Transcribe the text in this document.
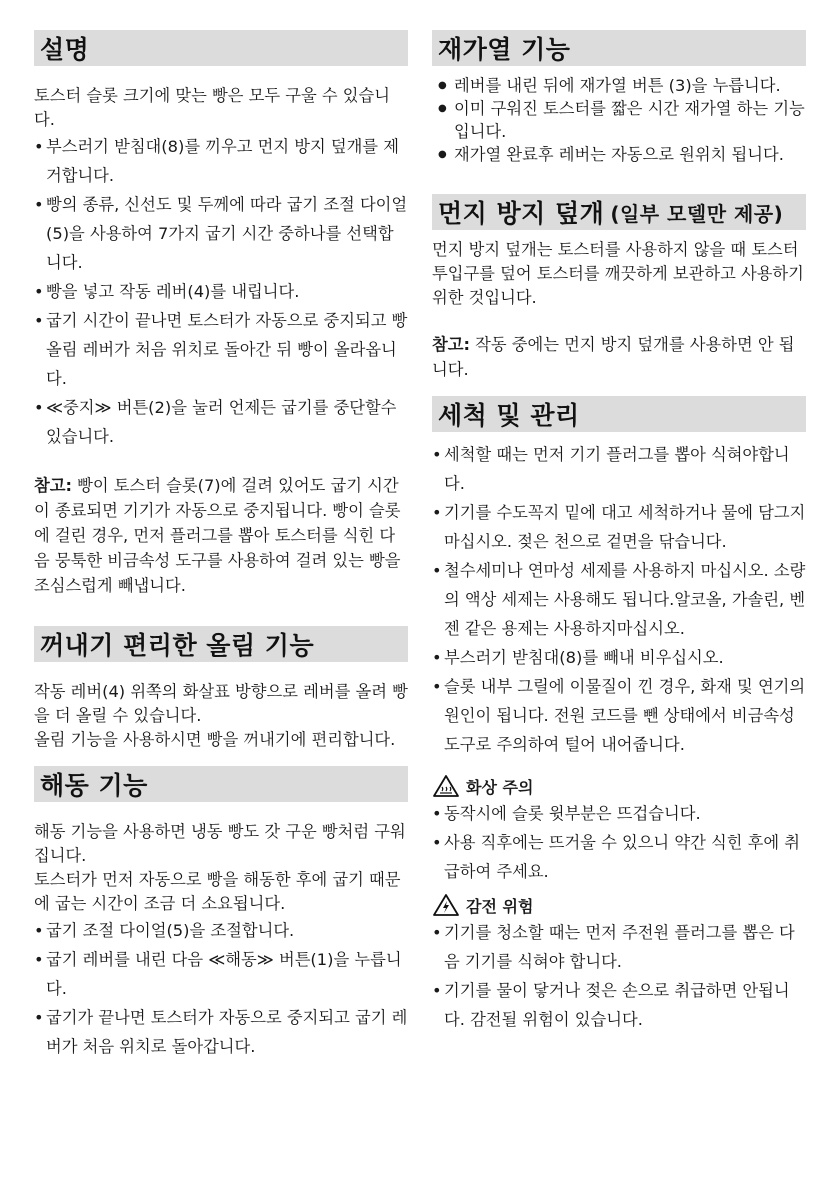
설명

토스터 슬롯 크기에 맞는 빵은 모두 구울 수 있습니다.

• 부스러기 받침대(8)를 끼우고 먼지 방지 덮개를 제거합니다.
• 빵의 종류, 신선도 및 두께에 따라 굽기 조절 다이얼(5)을 사용하여 7가지 굽기 시간 중하나를 선택합니다.
• 빵을 넣고 작동 레버(4)를 내립니다.
• 굽기 시간이 끝나면 토스터가 자동으로 중지되고 빵 올림 레버가 처음 위치로 돌아간 뒤 빵이 올라옵니다.
• ≪중지≫ 버튼(2)을 눌러 언제든 굽기를 중단할수 있습니다.

참고: 빵이 토스터 슬롯(7)에 걸려 있어도 굽기 시간이 종료되면 기기가 자동으로 중지됩니다. 빵이 슬롯에 걸린 경우, 먼저 플러그를 뽑아 토스터를 식힌 다음 뭉툭한 비금속성 도구를 사용하여 걸려 있는 빵을 조심스럽게 빼냅니다.

꺼내기 편리한 올림 기능

작동 레버(4) 위쪽의 화살표 방향으로 레버를 올려 빵을 더 올릴 수 있습니다.

올림 기능을 사용하시면 빵을 꺼내기에 편리합니다.

해동 기능

해동 기능을 사용하면 냉동 빵도 갓 구운 빵처럼 구워집니다.

토스터가 먼저 자동으로 빵을 해동한 후에 굽기 때문에 굽는 시간이 조금 더 소요됩니다.

• 굽기 조절 다이얼(5)을 조절합니다.
• 굽기 레버를 내린 다음 ≪해동≫ 버튼(1)을 누릅니다.
• 굽기가 끝나면 토스터가 자동으로 중지되고 굽기 레버가 처음 위치로 돌아갑니다.
재가열 기능
● 레버를 내린 뒤에 재가열 버튼 (3)을 누릅니다.
● 이미 구워진 토스터를 짧은 시간 재가열 하는 기능 입니다.
● 재가열 완료후 레버는 자동으로 원위치 됩니다.
먼지 방지 덮개 (일부 모델만 제공)

먼지 방지 덮개는 토스터를 사용하지 않을 때 토스터 투입구를 덮어 토스터를 깨끗하게 보관하고 사용하기 위한 것입니다.

참고: 작동 중에는 먼지 방지 덮개를 사용하면 안 됩니다.

세척 및 관리
• 세척할 때는 먼저 기기 플러그를 뽑아 식혀야합니다.
• 기기를 수도꼭지 밑에 대고 세척하거나 물에 담그지 마십시오. 젖은 천으로 겉면을 닦습니다.
• 철수세미나 연마성 세제를 사용하지 마십시오. 소량의 액상 세제는 사용해도 됩니다.알코올, 가솔린, 벤젠 같은 용제는 사용하지마십시오.
• 부스러기 받침대(8)를 빼내 비우십시오.
• 슬롯 내부 그릴에 이물질이 낀 경우, 화재 및 연기의 원인이 됩니다. 전원 코드를 뺀 상태에서 비금속성 도구로 주의하여 털어 내어줍니다.
화상 주의
• 동작시에 슬롯 윗부분은 뜨겁습니다.
• 사용 직후에는 뜨거울 수 있으니 약간 식힌 후에 취급하여 주세요.
감전 위험
• 기기를 청소할 때는 먼저 주전원 플러그를 뽑은 다음 기기를 식혀야 합니다.
• 기기를 물이 닿거나 젖은 손으로 취급하면 안됩니다. 감전될 위험이 있습니다.
